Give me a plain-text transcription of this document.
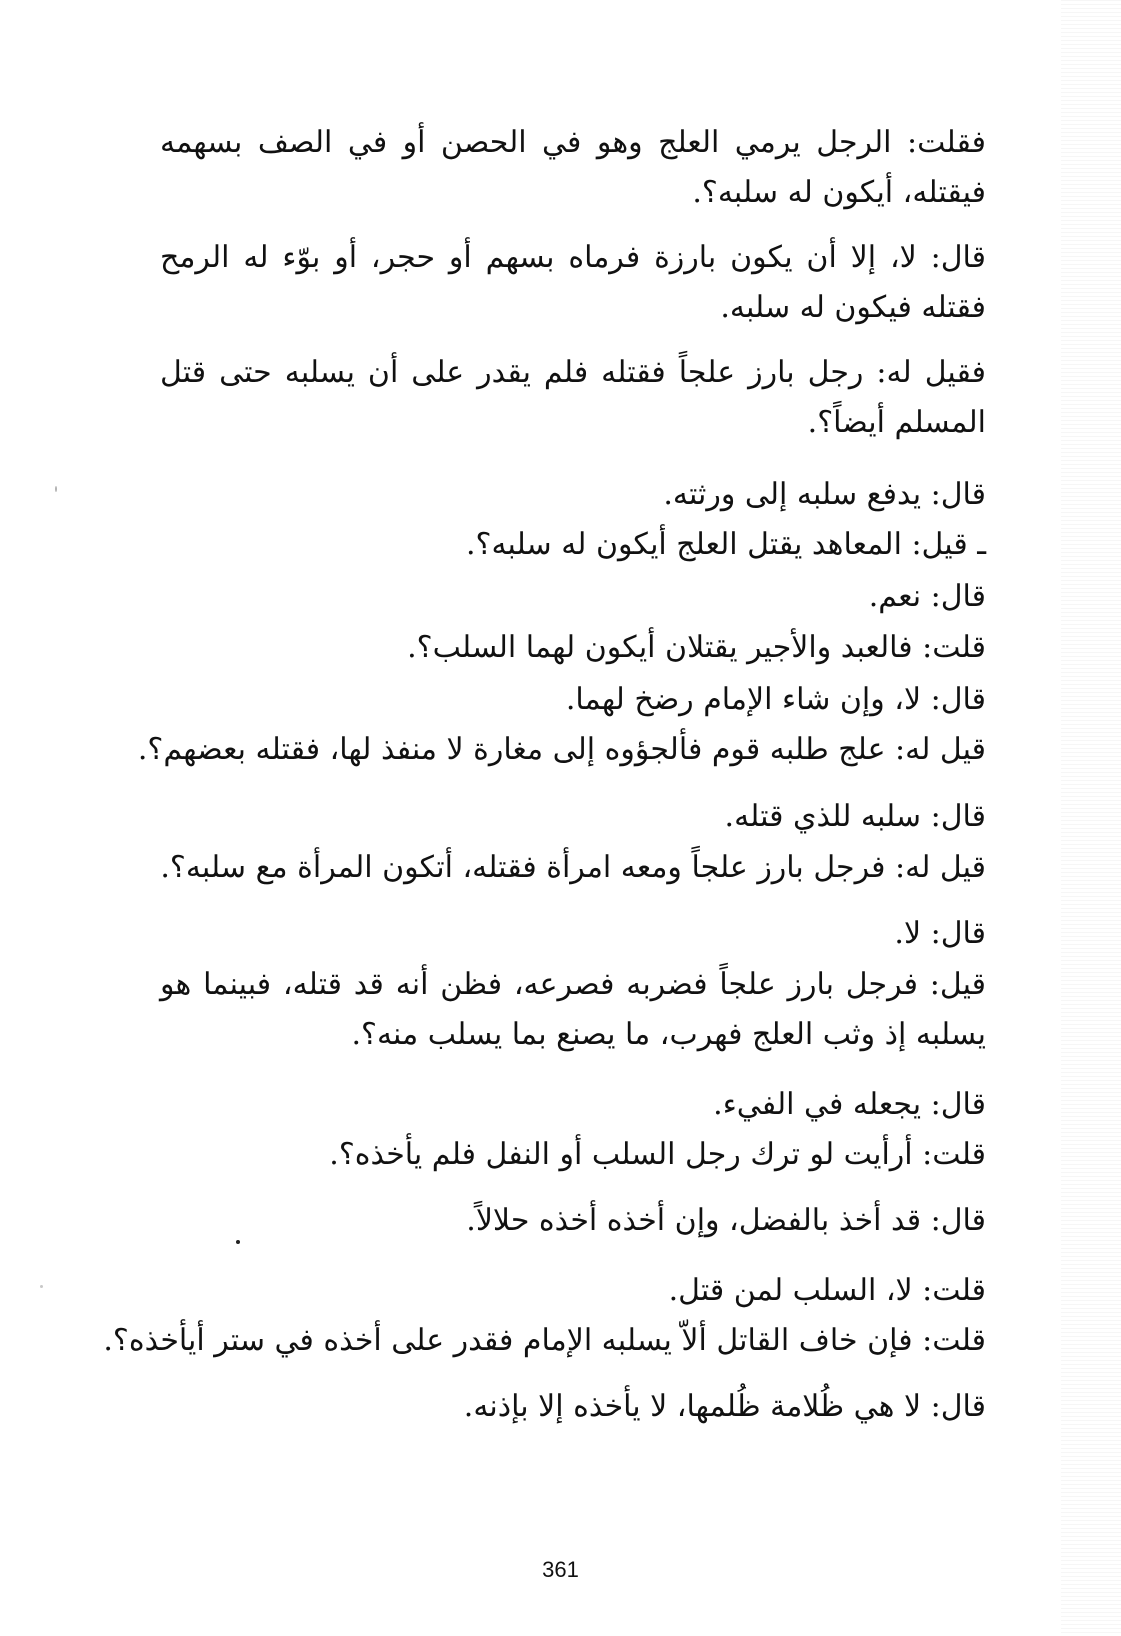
فقلت: الرجل يرمي العلج وهو في الحصن أو في الصف بسهمه فيقتله، أيكون له سلبه؟.

قال: لا، إلا أن يكون بارزة فرماه بسهم أو حجر، أو بوّء له الرمح فقتله فيكون له سلبه.

فقيل له: رجل بارز علجاً فقتله فلم يقدر على أن يسلبه حتى قتل المسلم أيضاً؟.

قال: يدفع سلبه إلى ورثته.

ـ قيل: المعاهد يقتل العلج أيكون له سلبه؟.

قال: نعم.

قلت: فالعبد والأجير يقتلان أيكون لهما السلب؟.

قال: لا، وإن شاء الإمام رضخ لهما.

قيل له: علج طلبه قوم فألجؤوه إلى مغارة لا منفذ لها، فقتله بعضهم؟.

قال: سلبه للذي قتله.

قيل له: فرجل بارز علجاً ومعه امرأة فقتله، أتكون المرأة مع سلبه؟.

قال: لا.

قيل: فرجل بارز علجاً فضربه فصرعه، فظن أنه قد قتله، فبينما هو يسلبه إذ وثب العلج فهرب، ما يصنع بما يسلب منه؟.

قال: يجعله في الفيء.

قلت: أرأيت لو ترك رجل السلب أو النفل فلم يأخذه؟.

قال: قد أخذ بالفضل، وإن أخذه أخذه حلالاً.

قلت: لا، السلب لمن قتل.

قلت: فإن خاف القاتل ألاّ يسلبه الإمام فقدر على أخذه في ستر أيأخذه؟.

قال: لا هي ظُلامة ظُلمها، لا يأخذه إلا بإذنه.

361
